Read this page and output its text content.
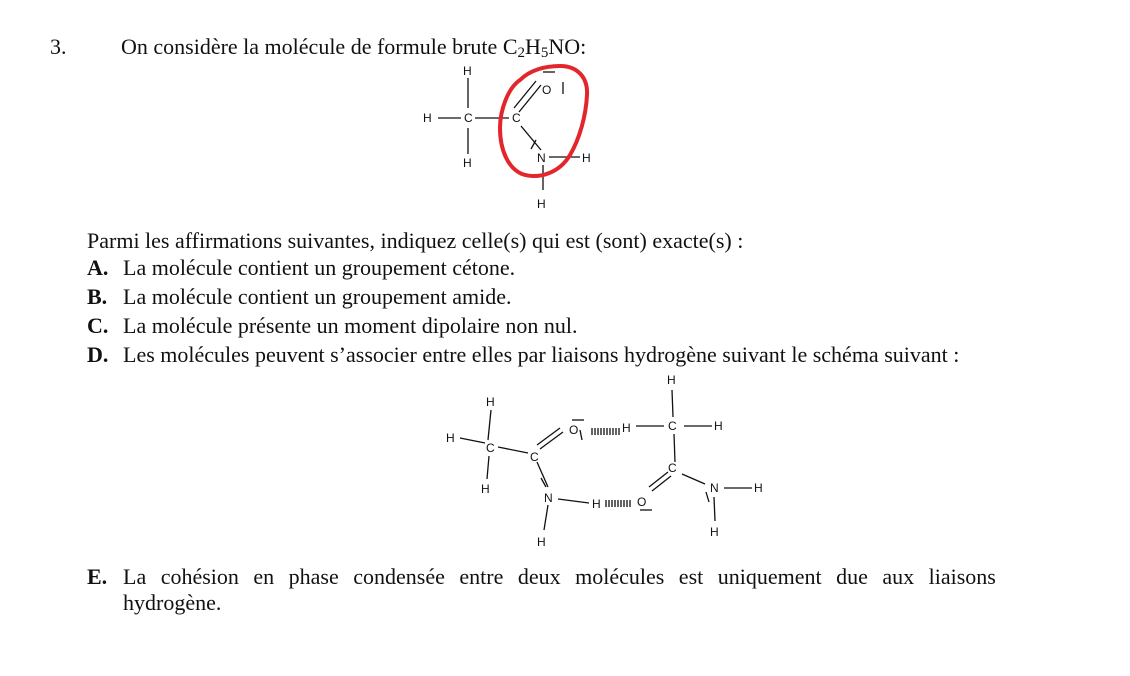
3. On considère la molécule de formule brute $C_2H_5NO$:
H
H	C
H
C
O
N	H
H
Parmi les affirmations suivantes, indiquez celle(s) qui est (sont) exacte(s) :
A. La molécule contient un groupement cétone.
B. La molécule contient un groupement amide.
C. La molécule présente un moment dipolaire non nul.
D. Les molécules peuvent s’associer entre elles par liaisons hydrogène suivant le schéma suivant :
H
H
C
H
C
O	H
H
C	H
C
N	H
H
N	H	O
H
E. La cohésion en phase condensée entre deux molécules est uniquement due aux liaisons
hydrogène.
